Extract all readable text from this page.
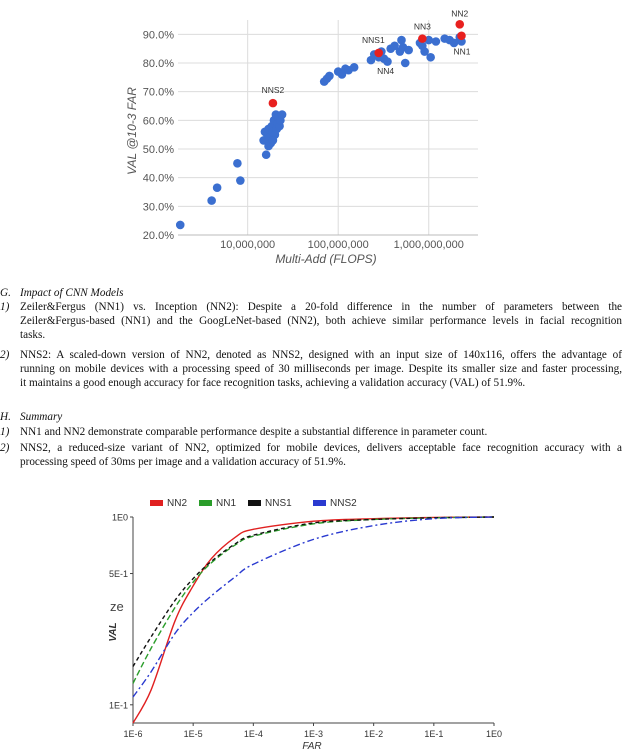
90.0%
80.0%
70.0%
60.0%
50.0%
40.0%
30.0%
20.0%
10,000,000	100,000,000 1,000,000,000
NN2
NNS1
NN3
NN1
NN4
NNS2
VAL @10-3 FAR
Multi-Add (FLOPS)
G. Impact of CNN Models
1) Zeiler&Fergus (NN1) vs. Inception (NN2): Despite a 20-fold difference in the number of parameters between the
Zeiler&Fergus-based (NN1) and the GoogLeNet-based (NN2), both achieve similar performance levels in facial recognition
tasks.
2) NNS2: A scaled-down version of NN2, denoted as NNS2, designed with an input size of 140x116, offers the advantage of
running on mobile devices with a processing speed of 30 milliseconds per image. Despite its smaller size and faster processing,
it maintains a good enough accuracy for face recognition tasks, achieving a validation accuracy (VAL) of 51.9%.
H. Summary
1) NN1 and NN2 demonstrate comparable performance despite a substantial difference in parameter count.
2) NNS2, a reduced-size variant of NN2, optimized for mobile devices, delivers acceptable face recognition accuracy with a
processing speed of 30ms per image and a validation accuracy of 51.9%.
NN2	NN1	NNS1	NNS2
1E0
5E-1
1E-1
1E-6	1E-5	1E-4	1E-3	1E-2	1E-1	1E0
ze
VAL
FAR
